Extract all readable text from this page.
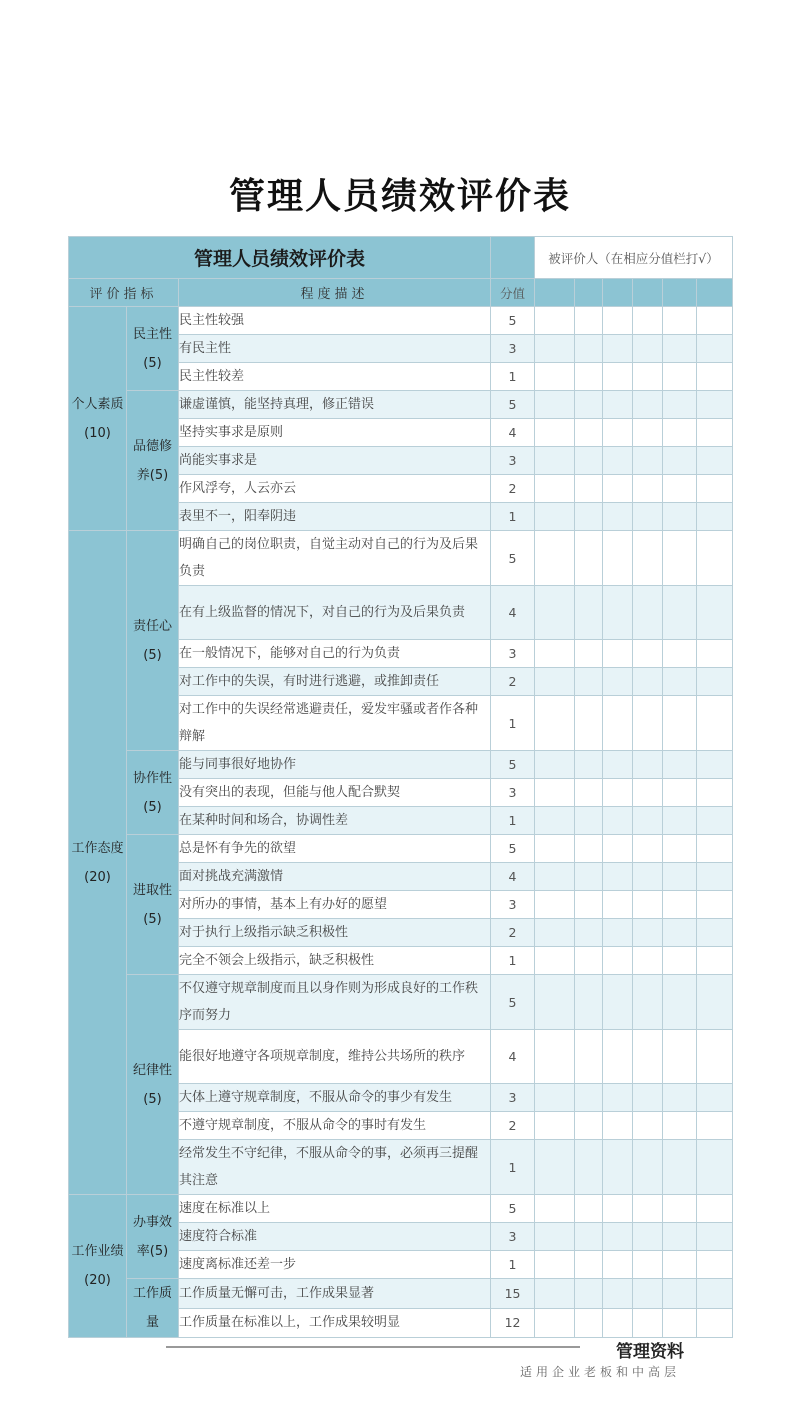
管理人员绩效评价表
管理人员绩效评价表				被评价人（在相应分值栏打√）					
评价指标		程度描述	分值						
个人素质(10)	民主性(5)	民主性较强	5						
		有民主性	3						
		民主性较差	1						
	品德修养(5)	谦虚谨慎，能坚持真理，修正错误	5						
		坚持实事求是原则	4						
		尚能实事求是	3						
		作风浮夸，人云亦云	2						
		表里不一，阳奉阴违	1						
工作态度(20)	责任心(5)	明确自己的岗位职责，自觉主动对自己的行为及后果负责	5						
		在有上级监督的情况下，对自己的行为及后果负责	4						
		在一般情况下，能够对自己的行为负责	3						
		对工作中的失误，有时进行逃避，或推卸责任	2						
		对工作中的失误经常逃避责任，爱发牢骚或者作各种辩解	1						
	协作性(5)	能与同事很好地协作	5						
		没有突出的表现，但能与他人配合默契	3						
		在某种时间和场合，协调性差	1						
	进取性(5)	总是怀有争先的欲望	5						
		面对挑战充满激情	4						
		对所办的事情，基本上有办好的愿望	3						
		对于执行上级指示缺乏积极性	2						
		完全不领会上级指示，缺乏积极性	1						
	纪律性(5)	不仅遵守规章制度而且以身作则为形成良好的工作秩序而努力	5						
		能很好地遵守各项规章制度，维持公共场所的秩序	4						
		大体上遵守规章制度，不服从命令的事少有发生	3						
		不遵守规章制度，不服从命令的事时有发生	2						
		经常发生不守纪律，不服从命令的事，必须再三提醒其注意	1						
工作业绩(20)	办事效率(5)	速度在标准以上	5						
		速度符合标准	3						
		速度离标准还差一步	1						
	工作质量	工作质量无懈可击，工作成果显著	15						
		工作质量在标准以上，工作成果较明显	12						
管理资料
适用企业老板和中高层
